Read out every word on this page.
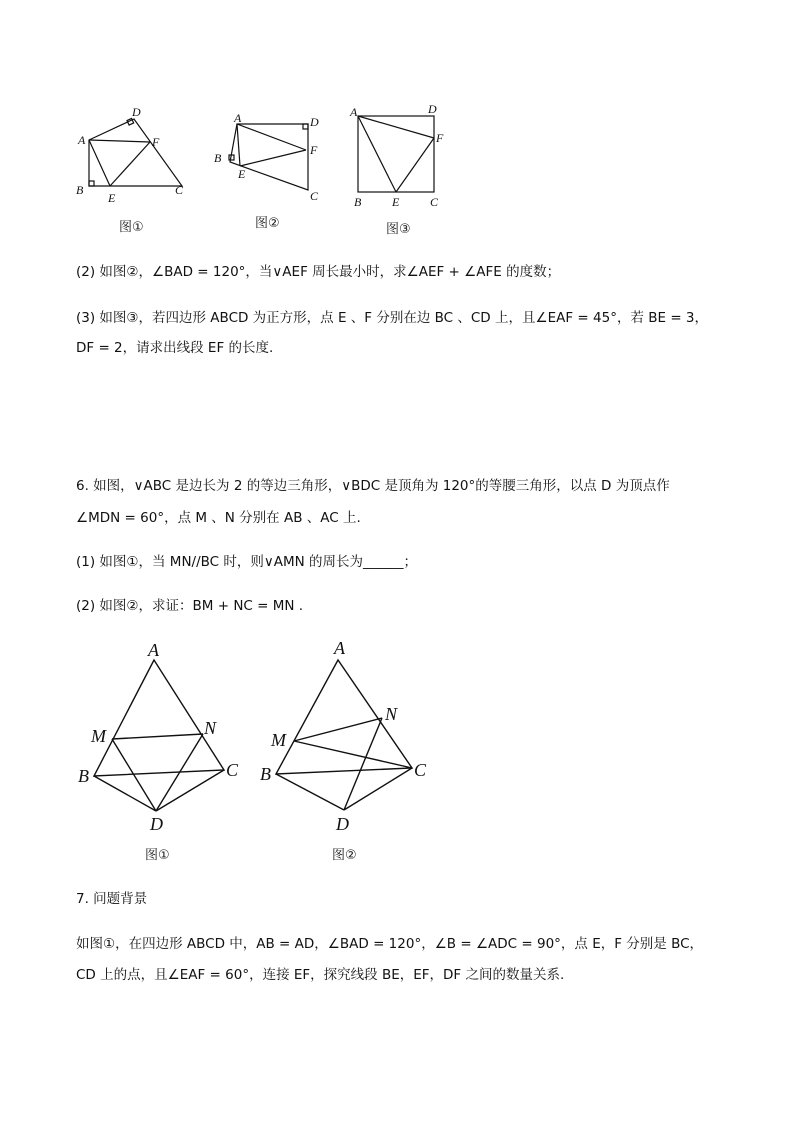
A
D
F
B
E
C
图①
A	D
F
B
E
C
图②
A	D
F
B	E	C
图③
(2) 如图②，∠BAD = 120°，当∨AEF 周长最小时，求∠AEF + ∠AFE 的度数；
(3) 如图③，若四边形 ABCD 为正方形，点 E 、F 分别在边 BC 、CD 上，且∠EAF = 45°，若 BE = 3，
DF = 2，请求出线段 EF 的长度.
6. 如图，∨ABC 是边长为 2 的等边三角形，∨BDC 是顶角为 120°的等腰三角形，以点 D 为顶点作
∠MDN = 60°，点 M 、N 分别在 AB 、AC 上.
(1) 如图①，当 MN//BC 时，则∨AMN 的周长为______；
(2) 如图②，求证：BM + NC = MN .
A
M	N
B	C
D
图①
A
M
N
B	C
D
图②
7. 问题背景
如图①，在四边形 ABCD 中，AB = AD，∠BAD = 120°，∠B = ∠ADC = 90°，点 E，F 分别是 BC，
CD 上的点，且∠EAF = 60°，连接 EF，探究线段 BE，EF，DF 之间的数量关系.
